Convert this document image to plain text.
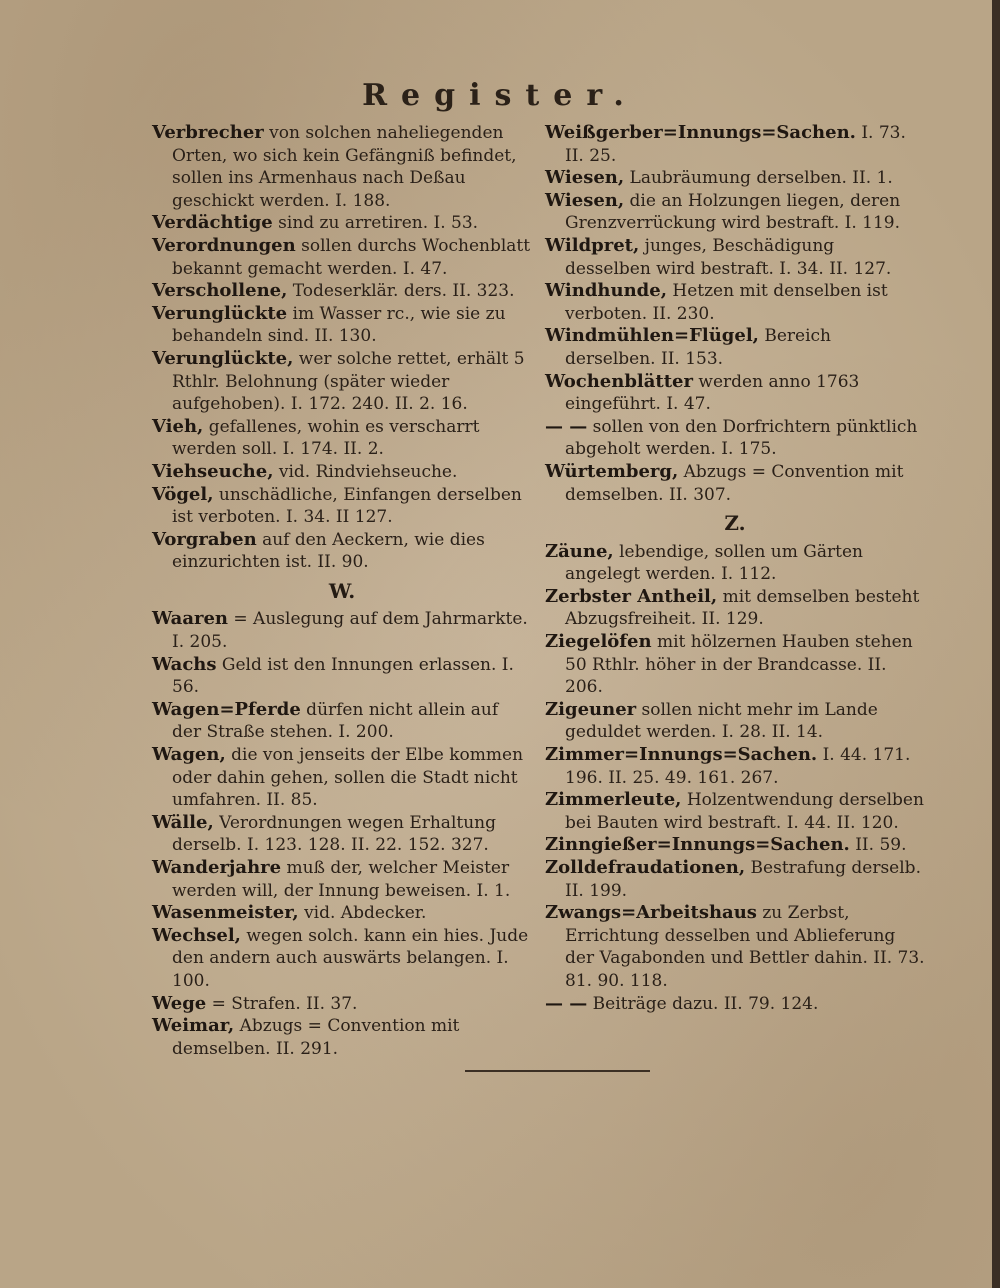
Register.

Verbrecher von solchen naheliegenden Orten, wo sich kein Gefängniß befindet, sollen ins Armenhaus nach Deßau geschickt werden. I. 188.

Verdächtige sind zu arretiren. I. 53.

Verordnungen sollen durchs Wochenblatt bekannt gemacht werden. I. 47.

Verschollene, Todeserklär. ders. II. 323.

Verunglückte im Wasser rc., wie sie zu behandeln sind. II. 130.

Verunglückte, wer solche rettet, erhält 5 Rthlr. Belohnung (später wieder aufgehoben). I. 172. 240. II. 2. 16.

Vieh, gefallenes, wohin es verscharrt werden soll. I. 174. II. 2.

Viehseuche, vid. Rindviehseuche.

Vögel, unschädliche, Einfangen derselben ist verboten. I. 34. II 127.

Vorgraben auf den Aeckern, wie dies einzurichten ist. II. 90.

W.

Waaren = Auslegung auf dem Jahrmarkte. I. 205.

Wachs Geld ist den Innungen erlassen. I. 56.

Wagen=Pferde dürfen nicht allein auf der Straße stehen. I. 200.

Wagen, die von jenseits der Elbe kommen oder dahin gehen, sollen die Stadt nicht umfahren. II. 85.

Wälle, Verordnungen wegen Erhaltung derselb. I. 123. 128. II. 22. 152. 327.

Wanderjahre muß der, welcher Meister werden will, der Innung beweisen. I. 1.

Wasenmeister, vid. Abdecker.

Wechsel, wegen solch. kann ein hies. Jude den andern auch auswärts belangen. I. 100.

Wege = Strafen. II. 37.

Weimar, Abzugs = Convention mit demselben. II. 291.

Weißgerber=Innungs=Sachen. I. 73. II. 25.

Wiesen, Laubräumung derselben. II. 1.

Wiesen, die an Holzungen liegen, deren Grenzverrückung wird bestraft. I. 119.

Wildpret, junges, Beschädigung desselben wird bestraft. I. 34. II. 127.

Windhunde, Hetzen mit denselben ist verboten. II. 230.

Windmühlen=Flügel, Bereich derselben. II. 153.

Wochenblätter werden anno 1763 eingeführt. I. 47.

— — sollen von den Dorfrichtern pünktlich abgeholt werden. I. 175.

Würtemberg, Abzugs = Convention mit demselben. II. 307.

Z.

Zäune, lebendige, sollen um Gärten angelegt werden. I. 112.

Zerbster Antheil, mit demselben besteht Abzugsfreiheit. II. 129.

Ziegelöfen mit hölzernen Hauben stehen 50 Rthlr. höher in der Brandcasse. II. 206.

Zigeuner sollen nicht mehr im Lande geduldet werden. I. 28. II. 14.

Zimmer=Innungs=Sachen. I. 44. 171. 196. II. 25. 49. 161. 267.

Zimmerleute, Holzentwendung derselben bei Bauten wird bestraft. I. 44. II. 120.

Zinngießer=Innungs=Sachen. II. 59.

Zolldefraudationen, Bestrafung derselb. II. 199.

Zwangs=Arbeitshaus zu Zerbst, Errichtung desselben und Ablieferung der Vagabonden und Bettler dahin. II. 73. 81. 90. 118.

— — Beiträge dazu. II. 79. 124.
